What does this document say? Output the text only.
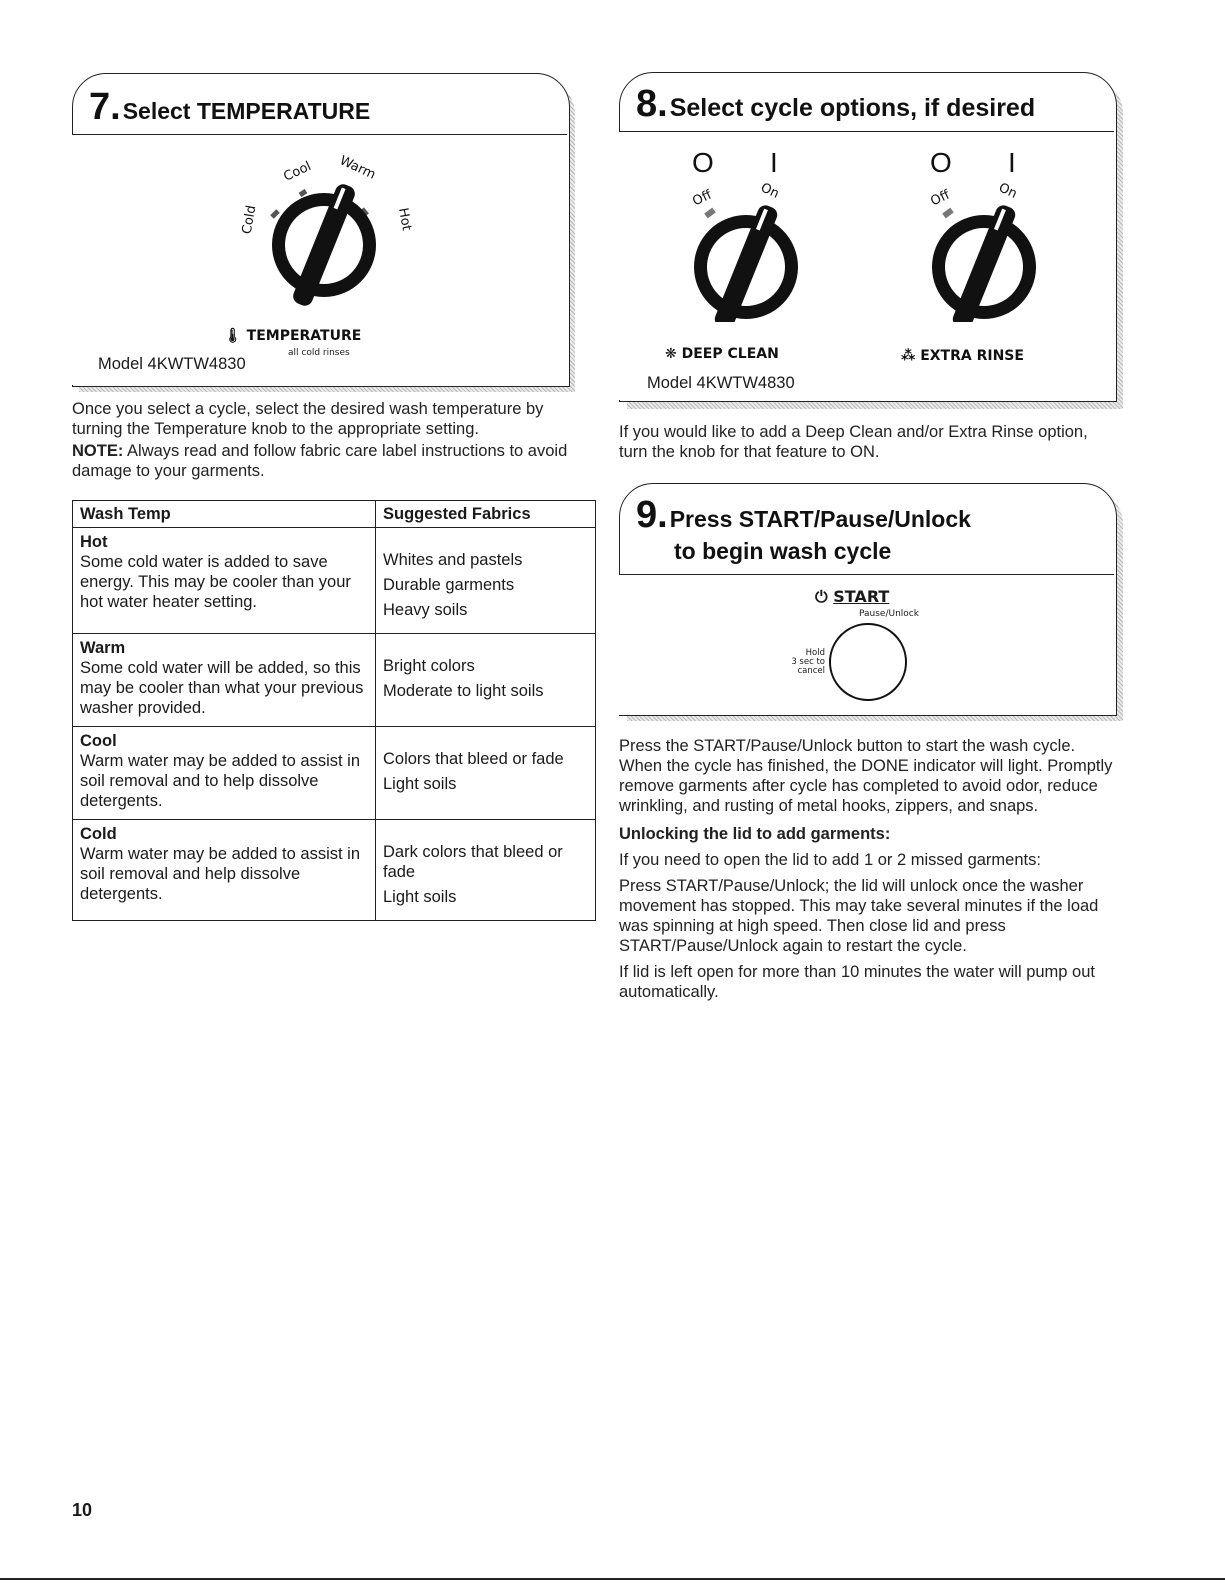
7.Select TEMPERATURE
Cool Warm
Cold	Hot
🌡 TEMPERATURE
all cold rinses
Model 4KWTW4830

Once you select a cycle, select the desired wash temperature by turning the Temperature knob to the appropriate setting.

NOTE: Always read and follow fabric care label instructions to avoid damage to your garments.

Wash Temp	Suggested Fabrics

Hot
Some cold water is added to save energy. This may be cooler than your hot water heater setting.	Whites and pastels
Durable garments
Heavy soils

Warm
Some cold water will be added, so this may be cooler than what your previous washer provided.	Bright colors
Moderate to light soils

Cool
Warm water may be added to assist in soil removal and to help dissolve detergents.	Colors that bleed or fade
Light soils

Cold
Warm water may be added to assist in soil removal and help dissolve detergents.	Dark colors that bleed or fade
Light soils
8.Select cycle options, if desired
O I
Off	On
O I
Off	On
❋ DEEP CLEAN	⁂ EXTRA RINSE
Model 4KWTW4830
If you would like to add a Deep Clean and/or Extra Rinse option, turn the knob for that feature to ON.
9.Press START/Pause/Unlock
to begin wash cycle
⏻ START
Pause/Unlock
Hold
3 sec to
cancel

Press the START/Pause/Unlock button to start the wash cycle. When the cycle has finished, the DONE indicator will light. Promptly remove garments after cycle has completed to avoid odor, reduce wrinkling, and rusting of metal hooks, zippers, and snaps.

Unlocking the lid to add garments:

If you need to open the lid to add 1 or 2 missed garments:

Press START/Pause/Unlock; the lid will unlock once the washer movement has stopped. This may take several minutes if the load was spinning at high speed. Then close lid and press START/Pause/Unlock again to restart the cycle.

If lid is left open for more than 10 minutes the water will pump out automatically.

10
